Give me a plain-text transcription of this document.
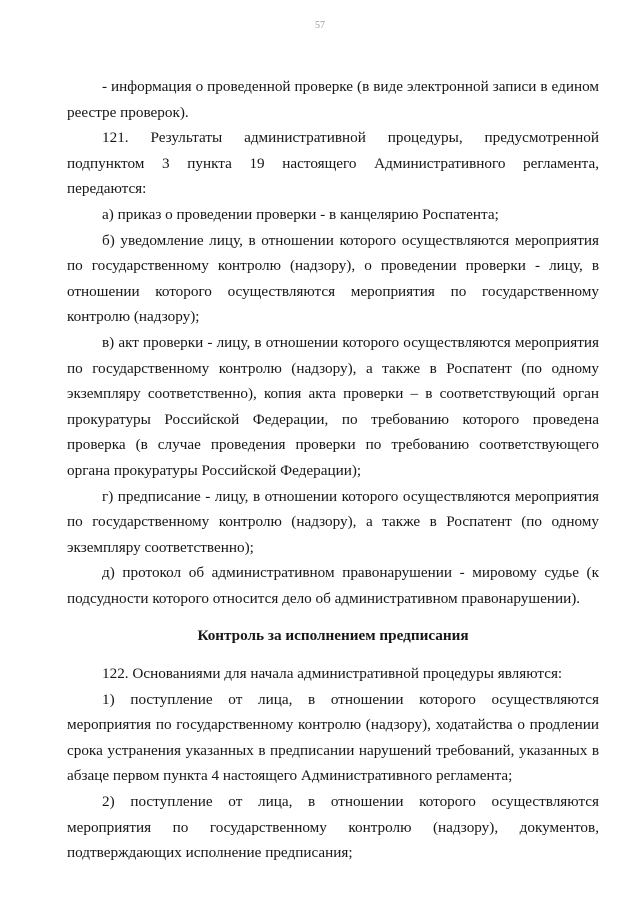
57

- информация о проведенной проверке (в виде электронной записи в едином реестре проверок).

121. Результаты административной процедуры, предусмотренной подпунктом 3 пункта 19 настоящего Административного регламента, передаются:

а) приказ о проведении проверки - в канцелярию Роспатента;

б) уведомление лицу, в отношении которого осуществляются мероприятия по государственному контролю (надзору), о проведении проверки - лицу, в отношении которого осуществляются мероприятия по государственному контролю (надзору);

в) акт проверки - лицу, в отношении которого осуществляются мероприятия по государственному контролю (надзору), а также в Роспатент (по одному экземпляру соответственно), копия акта проверки – в соответствующий орган прокуратуры Российской Федерации, по требованию которого проведена проверка (в случае проведения проверки по требованию соответствующего органа прокуратуры Российской Федерации);

г) предписание - лицу, в отношении которого осуществляются мероприятия по государственному контролю (надзору), а также в Роспатент (по одному экземпляру соответственно);

д) протокол об административном правонарушении - мировому судье (к подсудности которого относится дело об административном правонарушении).

Контроль за исполнением предписания

122. Основаниями для начала административной процедуры являются:

1) поступление от лица, в отношении которого осуществляются мероприятия по государственному контролю (надзору), ходатайства о продлении срока устранения указанных в предписании нарушений требований, указанных в абзаце первом пункта 4 настоящего Административного регламента;

2) поступление от лица, в отношении которого осуществляются мероприятия по государственному контролю (надзору), документов, подтверждающих исполнение предписания;
